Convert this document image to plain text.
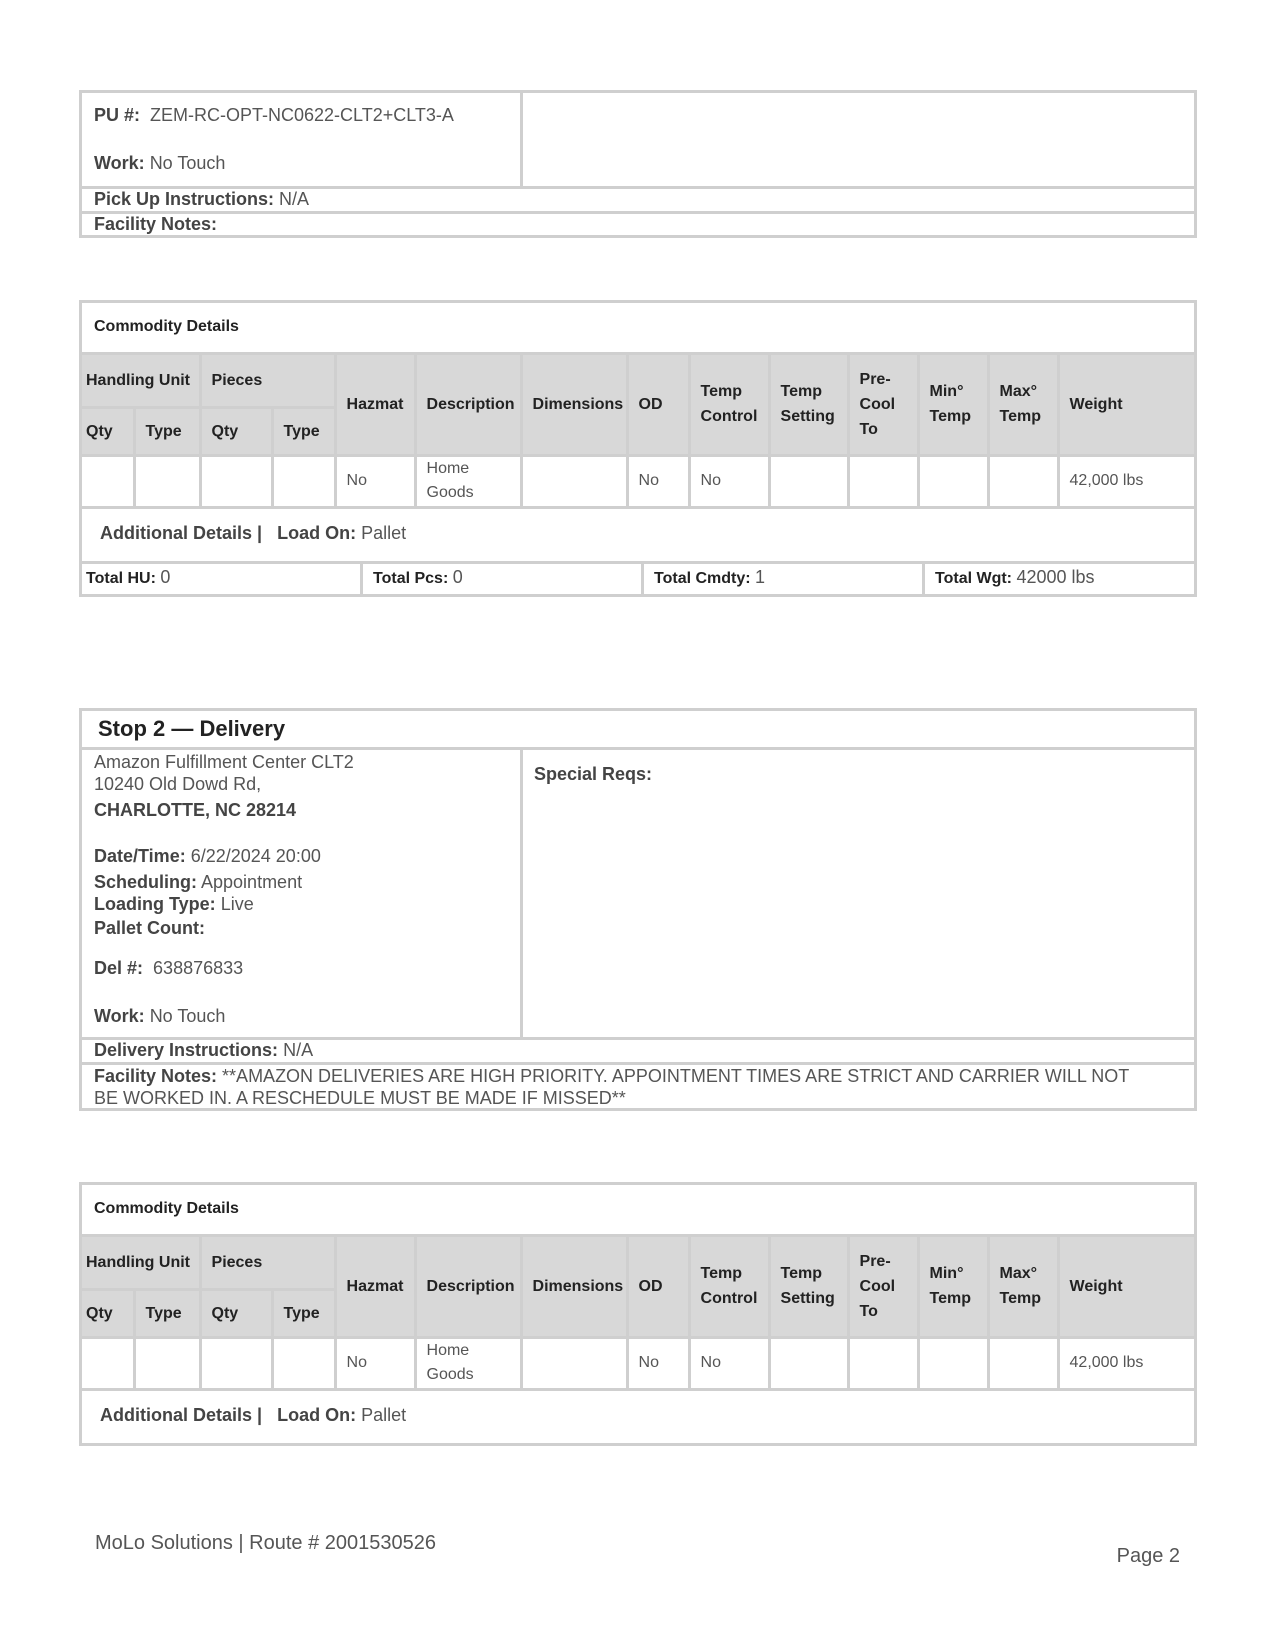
PU #: ZEM-RC-OPT-NC0622-CLT2+CLT3-A
Work: No Touch
Pick Up Instructions: N/A
Facility Notes:
Commodity Details
Handling Unit		Pieces		Hazmat	Description	Dimensions	OD	Temp Control	Temp Setting	Pre-Cool To	Min° Temp	Max° Temp	Weight
Qty	Type	Qty	Type										
				No	Home Goods		No	No					42,000 lbs
Additional Details |   Load On: Pallet
Total HU: 0	Total Pcs: 0	Total Cmdty: 1	Total Wgt: 42000 lbs
Stop 2 — Delivery
Amazon Fulfillment Center CLT2
10240 Old Dowd Rd,
CHARLOTTE, NC 28214
Date/Time: 6/22/2024 20:00
Scheduling: Appointment
Loading Type: Live
Pallet Count:
Del #: 638876833
Work: No Touch
Special Reqs:
Delivery Instructions: N/A
Facility Notes: **AMAZON DELIVERIES ARE HIGH PRIORITY. APPOINTMENT TIMES ARE STRICT AND CARRIER WILL NOT BE WORKED IN. A RESCHEDULE MUST BE MADE IF MISSED**
Commodity Details
Handling Unit		Pieces		Hazmat	Description	Dimensions	OD	Temp Control	Temp Setting	Pre-Cool To	Min° Temp	Max° Temp	Weight
Qty	Type	Qty	Type										
				No	Home Goods		No	No					42,000 lbs
Additional Details |   Load On: Pallet
MoLo Solutions | Route # 2001530526
Page 2
